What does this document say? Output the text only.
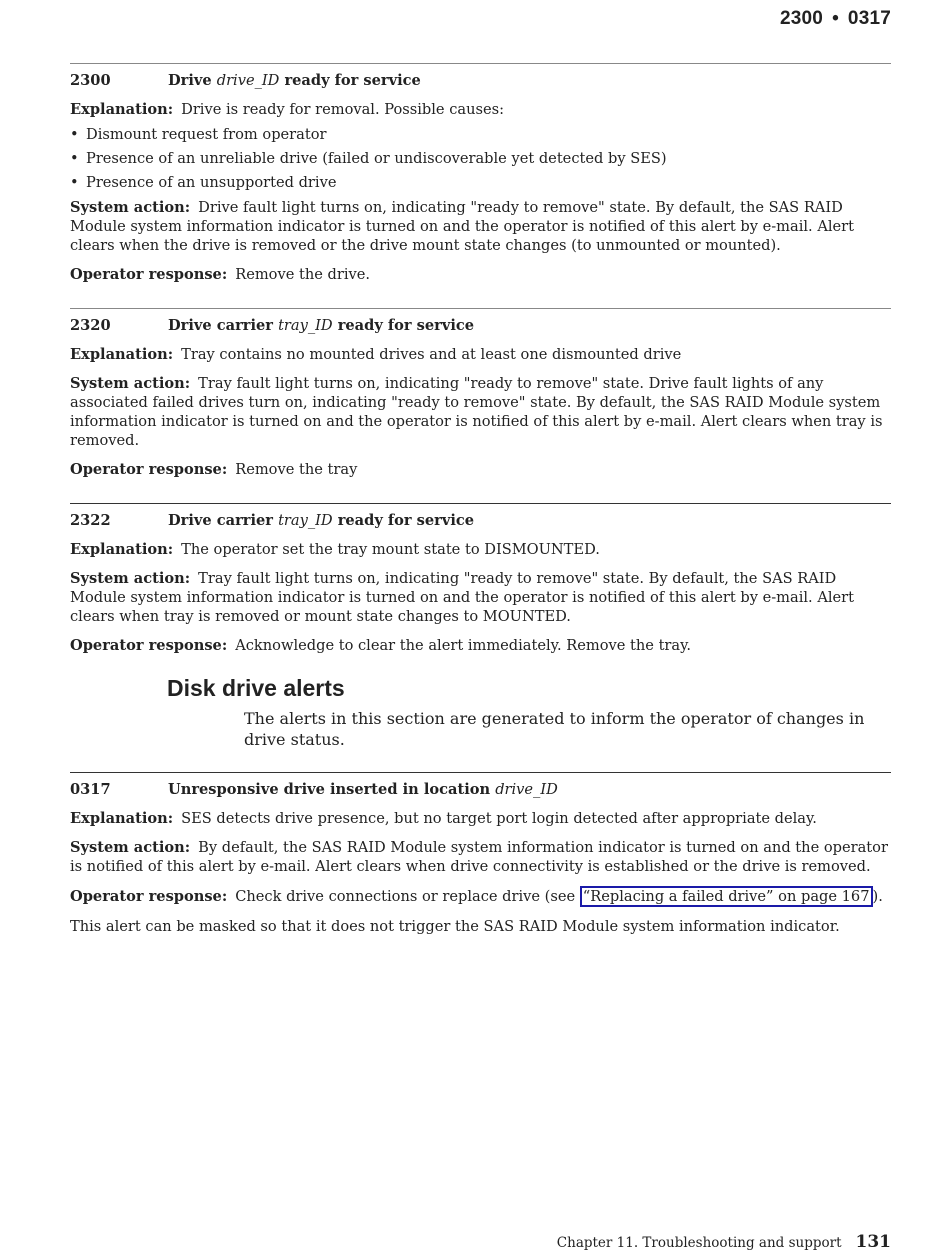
2300 • 0317
2300	Drive drive_ID ready for service

Explanation: Drive is ready for removal. Possible causes:

• Dismount request from operator
• Presence of an unreliable drive (failed or undiscoverable yet detected by SES)
• Presence of an unsupported drive

System action: Drive fault light turns on, indicating "ready to remove" state. By default, the SAS RAID Module system information indicator is turned on and the operator is notified of this alert by e-mail. Alert clears when the drive is removed or the drive mount state changes (to unmounted or mounted).

Operator response: Remove the drive.

2320	Drive carrier tray_ID ready for service

Explanation: Tray contains no mounted drives and at least one dismounted drive

System action: Tray fault light turns on, indicating "ready to remove" state. Drive fault lights of any associated failed drives turn on, indicating "ready to remove" state. By default, the SAS RAID Module system information indicator is turned on and the operator is notified of this alert by e-mail. Alert clears when tray is removed.

Operator response: Remove the tray

2322	Drive carrier tray_ID ready for service

Explanation: The operator set the tray mount state to DISMOUNTED.

System action: Tray fault light turns on, indicating "ready to remove" state. By default, the SAS RAID Module system information indicator is turned on and the operator is notified of this alert by e-mail. Alert clears when tray is removed or mount state changes to MOUNTED.

Operator response: Acknowledge to clear the alert immediately. Remove the tray.

Disk drive alerts
The alerts in this section are generated to inform the operator of changes in drive status.
0317	Unresponsive drive inserted in location drive_ID

Explanation: SES detects drive presence, but no target port login detected after appropriate delay.

System action: By default, the SAS RAID Module system information indicator is turned on and the operator is notified of this alert by e-mail. Alert clears when drive connectivity is established or the drive is removed.

Operator response: Check drive connections or replace drive (see “Replacing a failed drive” on page 167 ).

This alert can be masked so that it does not trigger the SAS RAID Module system information indicator.

Chapter 11. Troubleshooting and support 131
